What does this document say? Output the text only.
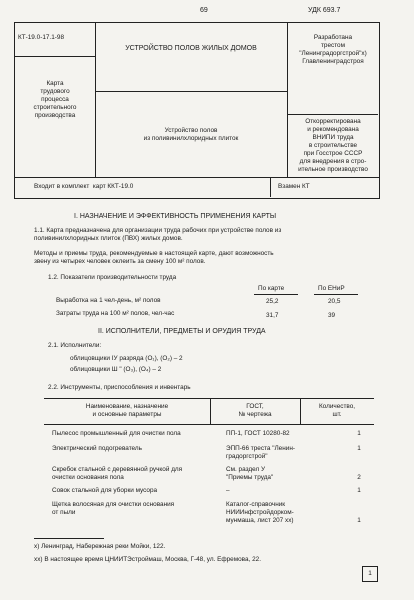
69	УДК 693.7
КТ-19.0-17.1-98
УСТРОЙСТВО ПОЛОВ ЖИЛЫХ ДОМОВ
Разработана
трестом
"Ленинградоргстрой"x)
Главленинградстроя
Карта
трудового
процесса
строительного
производства
Устройство полов
из поливинилхлоридных плиток
Откорректирована
и рекомендована
ВНИПИ труда
в строительстве
при Госстрое СССР
для внедрения в стро-
ительное производство
Входит в комплект карт ККТ-19.0	Взамен КТ
I. НАЗНАЧЕНИЕ И ЭФФЕКТИВНОСТЬ ПРИМЕНЕНИЯ КАРТЫ
1.1. Карта предназначена для организации труда рабочих при устройстве полов из
поливинилхлоридных плиток (ПВХ) жилых домов.
Методы и приемы труда, рекомендуемые в настоящей карте, дают возможность
звену из четырех человек оклеить за смену 100 м² полов.
1.2. Показатели производительности труда
По карте	По ЕНиР
Выработка на 1 чел-день, м² полов	25,2	20,5
Затраты труда на 100 м² полов, чел-час	31,7	39
II. ИСПОЛНИТЕЛИ, ПРЕДМЕТЫ И ОРУДИЯ ТРУДА
2.1. Исполнители:
облицовщики IУ разряда (О₁), (О₂) – 2
облицовщики Ш " (О₃), (О₄) – 2
2.2. Инструменты, приспособления и инвентарь
Наименование, назначение
и основные параметры
ГОСТ,
№ чертежа
Количество,
шт.
Пылесос промышленный для очистки пола	ПП-1, ГОСТ 10280-82	1
Электрический подогреватель	ЭПП-66 треста "Ленин-
градоргстрой"
1
Скребок стальной с деревянной ручкой для
очистки основания пола
См. раздел У
"Приемы труда"	2
Совок стальной для уборки мусора	–	1
Щетка волосяная для очистки основания
от пыли
Каталог-справочник
НИИИнфстройдорком-
мунмаша, лист 207 xx)	1
x) Ленинград, Набережная реки Мойки, 122.
xx) В настоящее время ЦНИИТЭстроймаш, Москва, Г-48, ул. Ефремова, 22.
1
